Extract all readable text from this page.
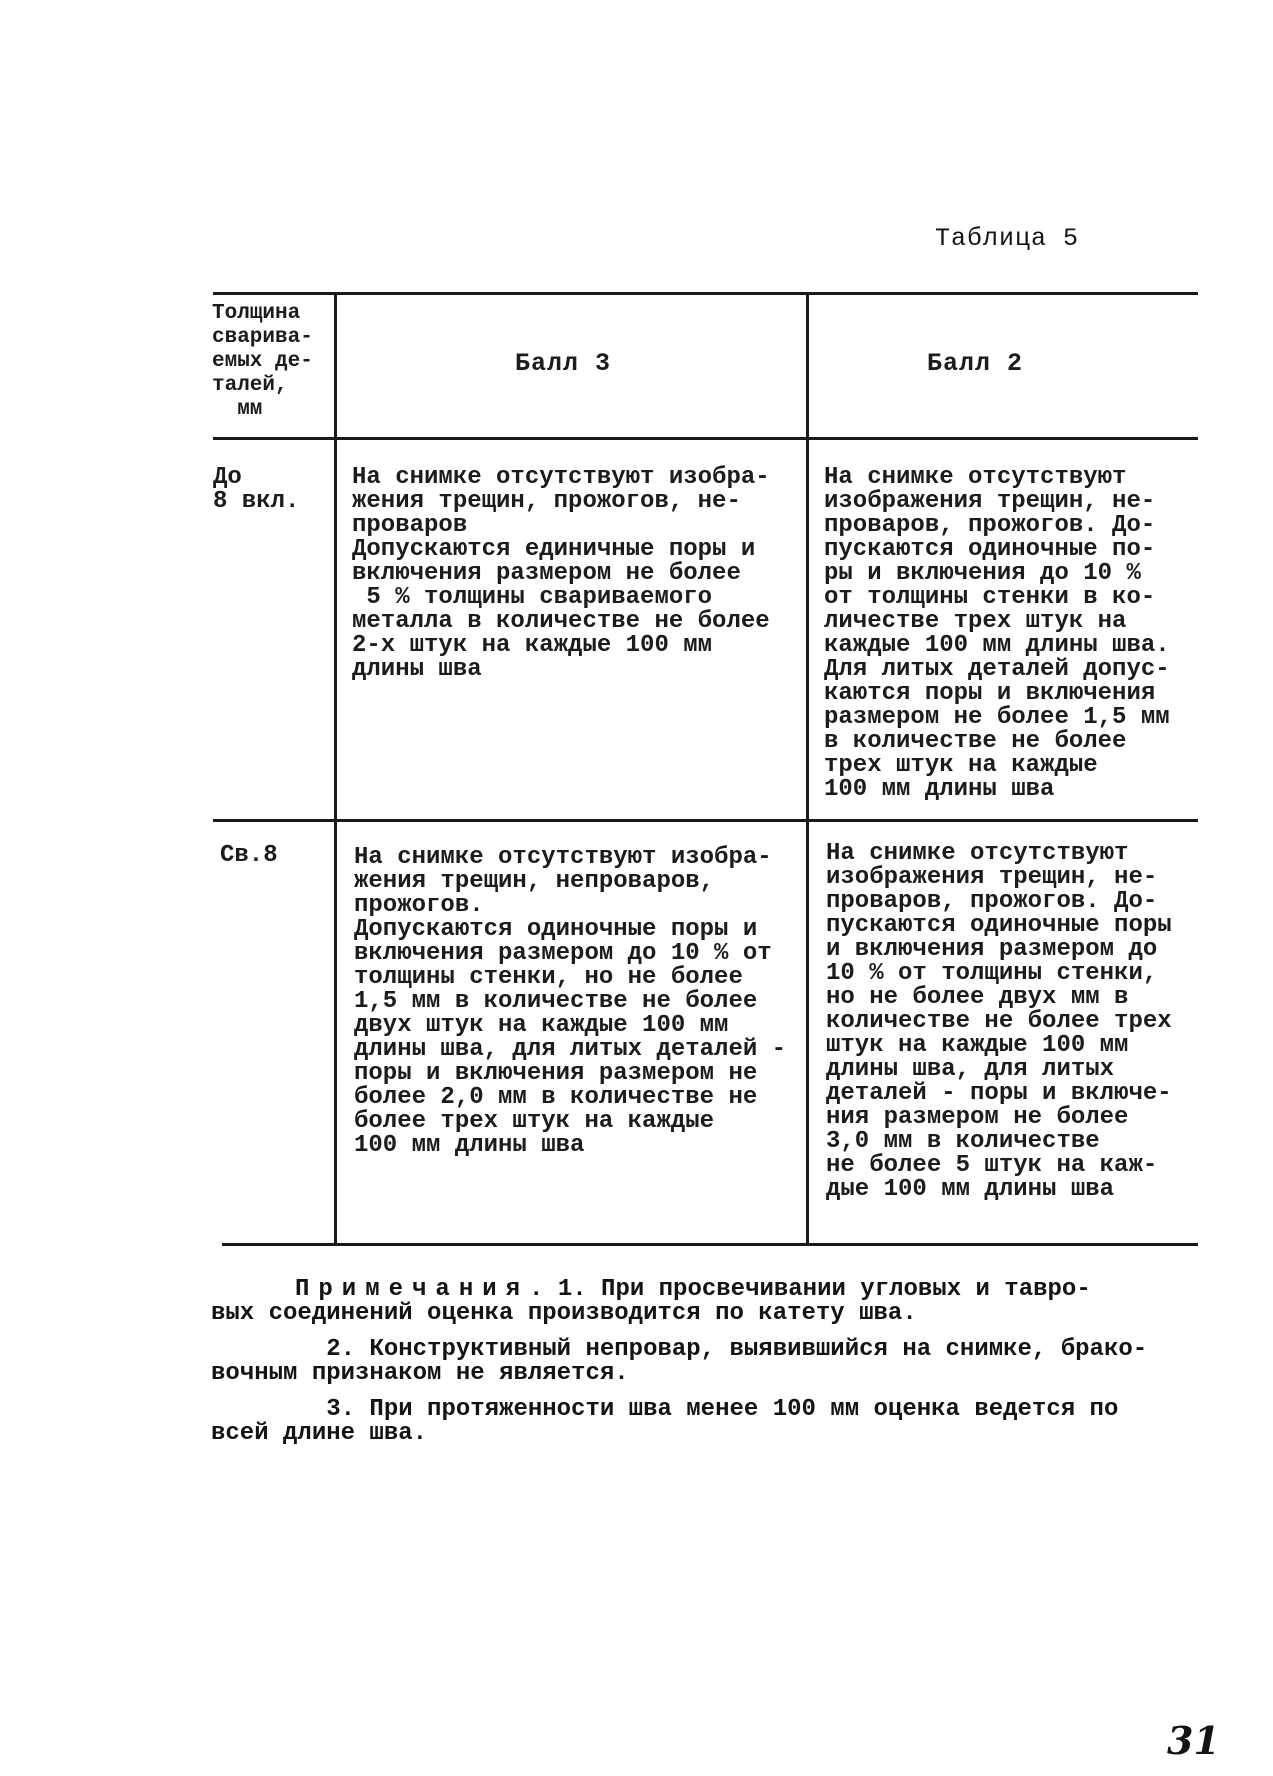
Таблица 5
Толщина
сварива-
емых де-
талей,
мм
Балл 3	Балл 2
До
8 вкл.
На снимке отсутствуют изобра-
жения трещин, прожогов, не-
проваров
Допускаются единичные поры и
включения размером не более
5 % толщины свариваемого
металла в количестве не более
2-х штук на каждые 100 мм
длины шва
На снимке отсутствуют
изображения трещин, не-
проваров, прожогов. До-
пускаются одиночные по-
ры и включения до 10 %
от толщины стенки в ко-
личестве трех штук на
каждые 100 мм длины шва.
Для литых деталей допус-
каются поры и включения
размером не более 1,5 мм
в количестве не более
трех штук на каждые
100 мм длины шва
Св.8	На снимке отсутствуют изобра-
жения трещин, непроваров,
прожогов.
Допускаются одиночные поры и
включения размером до 10 % от
толщины стенки, но не более
1,5 мм в количестве не более
двух штук на каждые 100 мм
длины шва, для литых деталей -
поры и включения размером не
более 2,0 мм в количестве не
более трех штук на каждые
100 мм длины шва
На снимке отсутствуют
изображения трещин, не-
проваров, прожогов. До-
пускаются одиночные поры
и включения размером до
10 % от толщины стенки,
но не более двух мм в
количестве не более трех
штук на каждые 100 мм
длины шва, для литых
деталей - поры и включе-
ния размером не более
3,0 мм в количестве
не более 5 штук на каж-
дые 100 мм длины шва

Примечания. 1. При просвечивании угловых и тавро-
вых соединений оценка производится по катету шва.

2. Конструктивный непровар, выявившийся на снимке, брако-
вочным признаком не является.

3. При протяженности шва менее 100 мм оценка ведется по
всей длине шва.

31
